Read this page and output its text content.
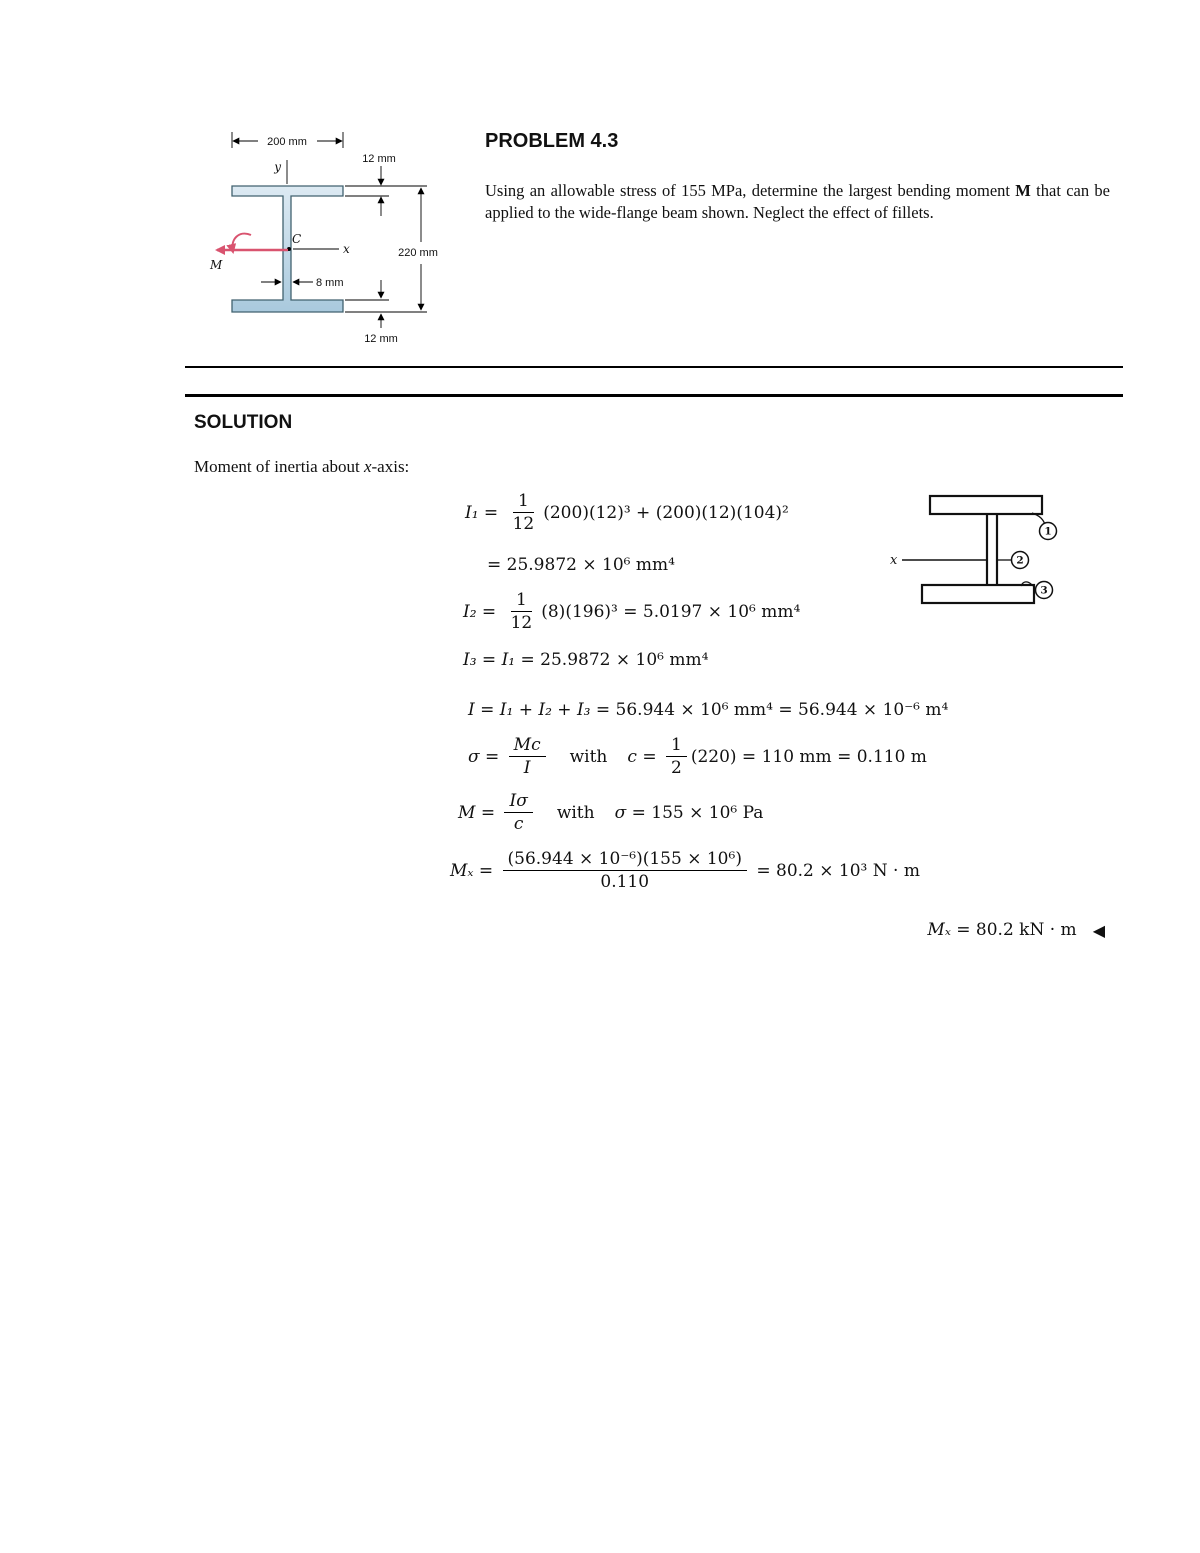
200 mm
12 mm
220 mm
8 mm
12 mm
y
x
C
M
PROBLEM 4.3
Using an allowable stress of 155 MPa, determine the largest bending moment M that can be applied to the wide-flange beam shown. Neglect the effect of fillets.
SOLUTION
Moment of inertia about x-axis:
$I_1 = \frac{1}{12} (200)(12)^3 + (200)(12)(104)^2$
= 25.9872 × 10⁶ mm⁴
$I_2 = \frac{1}{12} (8)(196)^3 = 5.0197 \times 10^6$ mm⁴
I₃ = I₁ = 25.9872 × 10⁶ mm⁴
I = I₁ + I₂ + I₃ = 56.944 × 10⁶ mm⁴ = 56.944 × 10⁻⁶ m⁴
$\sigma = \frac{Mc}{I}$ with $c = \frac{1}{2} (220) = 110$ mm = 0.110 m
$M = \frac{I\sigma}{c}$ with σ = 155 × 10⁶ Pa
$M_x = \frac{\text{(56.944 × 10⁻⁶)(155 × 10⁶)}}{0.110} = 80.2 \times 10^3$ N · m
Mₓ = 80.2 kN · m ◀
x
1
2
3
